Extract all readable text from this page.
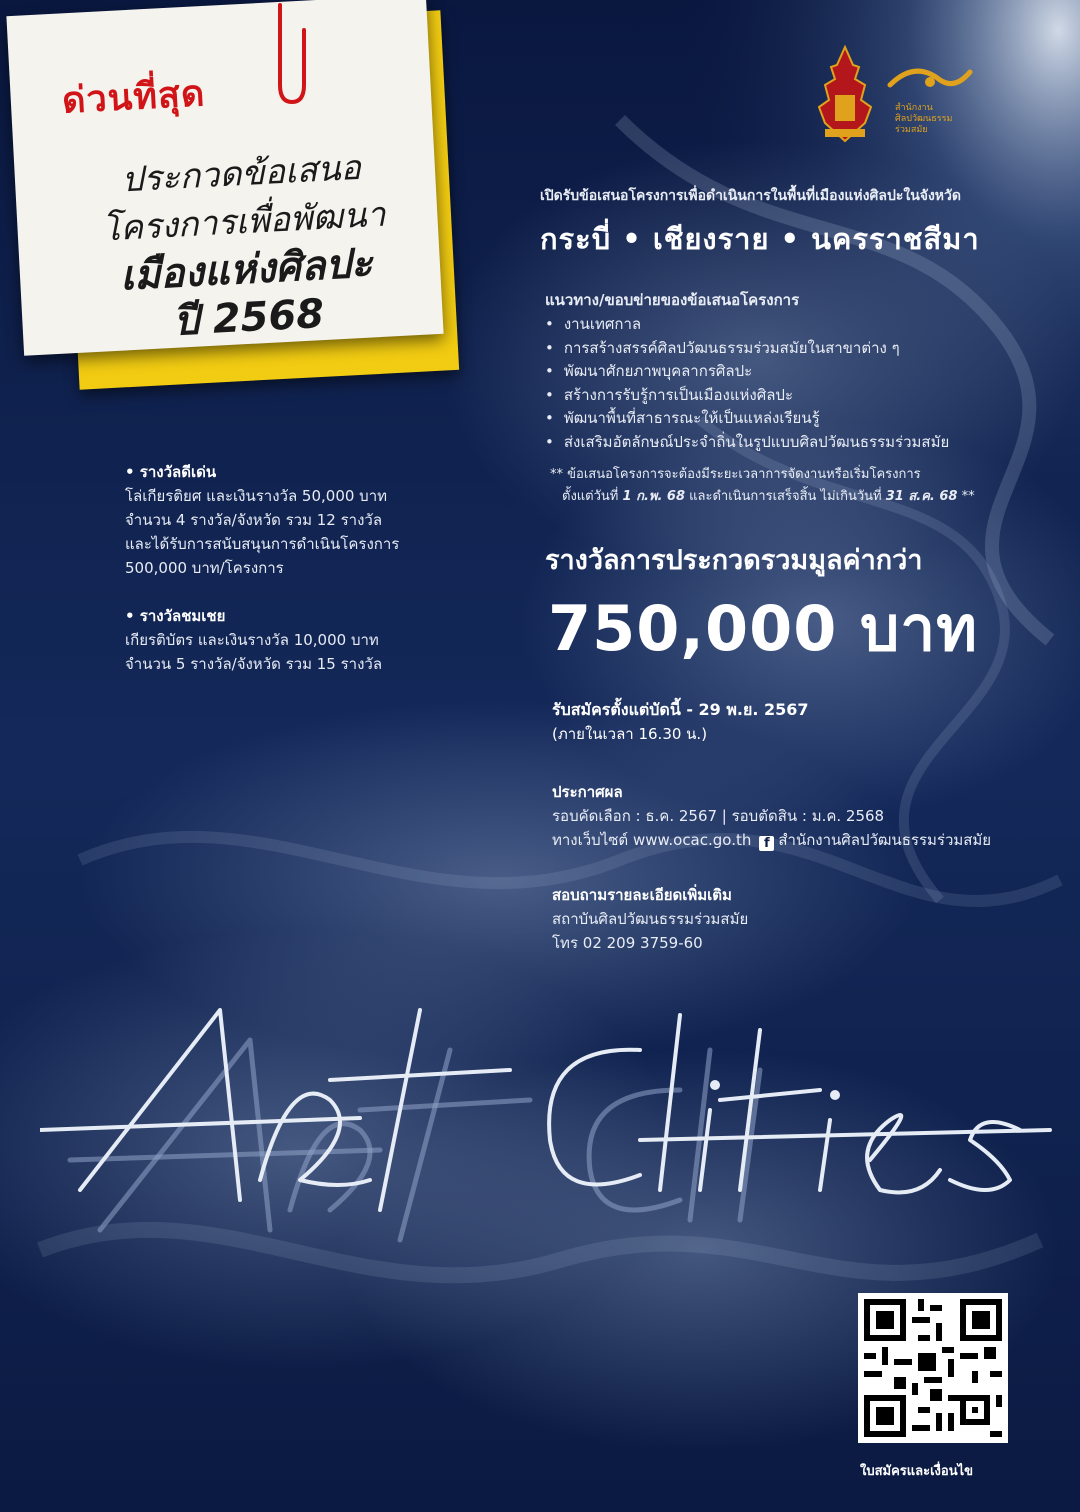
ด่วนที่สุด
ประกวดข้อเสนอ
โครงการเพื่อพัฒนา
เมืองแห่งศิลปะ
ปี 2568
สำนักงาน
ศิลปวัฒนธรรม
ร่วมสมัย
เปิดรับข้อเสนอโครงการเพื่อดำเนินการในพื้นที่เมืองแห่งศิลปะในจังหวัด
กระบี่ • เชียงราย • นครราชสีมา
แนวทาง/ขอบข่ายของข้อเสนอโครงการ
• งานเทศกาล
• การสร้างสรรค์ศิลปวัฒนธรรมร่วมสมัยในสาขาต่าง ๆ
• พัฒนาศักยภาพบุคลากรศิลปะ
• สร้างการรับรู้การเป็นเมืองแห่งศิลปะ
• พัฒนาพื้นที่สาธารณะให้เป็นแหล่งเรียนรู้
• ส่งเสริมอัตลักษณ์ประจำถิ่นในรูปแบบศิลปวัฒนธรรมร่วมสมัย
** ข้อเสนอโครงการจะต้องมีระยะเวลาการจัดงานหรือเริ่มโครงการ
ตั้งแต่วันที่ 1 ก.พ. 68 และดำเนินการเสร็จสิ้น ไม่เกินวันที่ 31 ส.ค. 68 **
รางวัลการประกวดรวมมูลค่ากว่า
750,000 บาท
รับสมัครตั้งแต่บัดนี้ - 29 พ.ย. 2567
(ภายในเวลา 16.30 น.)
ประกาศผล
รอบคัดเลือก : ธ.ค. 2567 | รอบตัดสิน : ม.ค. 2568
ทางเว็บไซต์ www.ocac.go.th f สำนักงานศิลปวัฒนธรรมร่วมสมัย
สอบถามรายละเอียดเพิ่มเติม
สถาบันศิลปวัฒนธรรมร่วมสมัย
โทร 02 209 3759-60
• รางวัลดีเด่น
โล่เกียรติยศ และเงินรางวัล 50,000 บาท
จำนวน 4 รางวัล/จังหวัด รวม 12 รางวัล
และได้รับการสนับสนุนการดำเนินโครงการ
500,000 บาท/โครงการ
• รางวัลชมเชย
เกียรติบัตร และเงินรางวัล 10,000 บาท
จำนวน 5 รางวัล/จังหวัด รวม 15 รางวัล
ใบสมัครและเงื่อนไข
